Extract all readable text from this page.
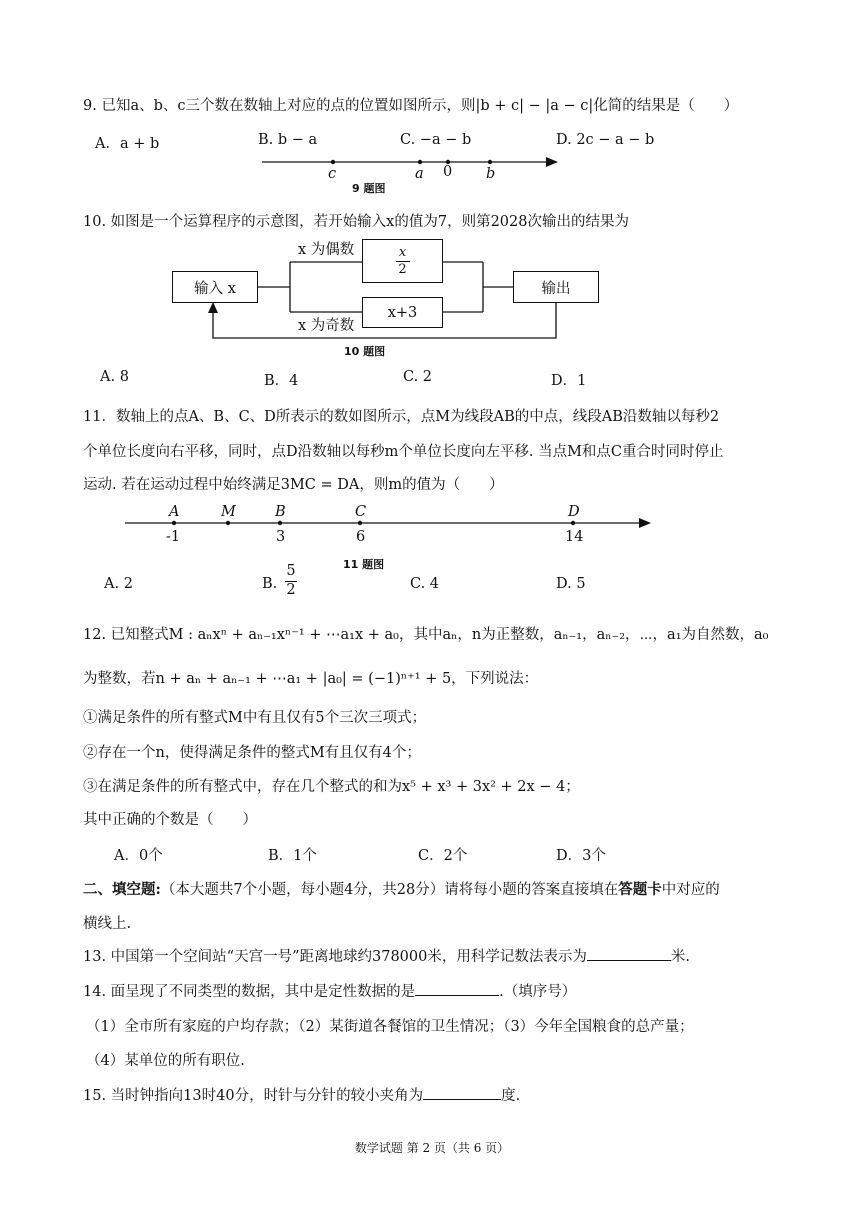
9. 已知a、b、c三个数在数轴上对应的点的位置如图所示，则|b + c| − |a − c|化简的结果是（　　）
A．a + b	B. b − a	C. −a − b	D. 2c − a − b
c	a 0 b
9 题图
10. 如图是一个运算程序的示意图，若开始输入x的值为7，则第2028次输出的结果为
输入 x
x 为偶数	x
2
x+3
x 为奇数
输出
10 题图
A. 8	B．4	C. 2	D．1
11．数轴上的点A、B、C、D所表示的数如图所示，点M为线段AB的中点，线段AB沿数轴以每秒2
个单位长度向右平移，同时，点D沿数轴以每秒m个单位长度向左平移. 当点M和点C重合时同时停止
运动. 若在运动过程中始终满足3MC = DA，则m的值为（　　）
A	M	B	C	D
-1	3	6	14
11 题图
A. 2	B.
5
2	C. 4	D. 5
12. 已知整式M : aₙxⁿ + aₙ₋₁xⁿ⁻¹ + ⋯a₁x + a₀，其中aₙ，n为正整数，aₙ₋₁，aₙ₋₂，⋯，a₁为自然数，a₀
为整数，若n + aₙ + aₙ₋₁ + ⋯a₁ + |a₀| = (−1)ⁿ⁺¹ + 5，下列说法：
①满足条件的所有整式M中有且仅有5个三次三项式；
②存在一个n，使得满足条件的整式M有且仅有4个；
③在满足条件的所有整式中，存在几个整式的和为x⁵ + x³ + 3x² + 2x − 4；
其中正确的个数是（　　）
A．0个	B．1个	C．2个	D．3个
二、填空题:（本大题共7个小题，每小题4分，共28分）请将每小题的答案直接填在答题卡中对应的
横线上.
13. 中国第一个空间站“天宫一号”距离地球约378000米，用科学记数法表示为	米.
14. 面呈现了不同类型的数据，其中是定性数据的是	.（填序号）
（1）全市所有家庭的户均存款；（2）某街道各餐馆的卫生情况；（3）今年全国粮食的总产量；
（4）某单位的所有职位.
15. 当时钟指向13时40分，时针与分针的较小夹角为	度.
数学试题 第 2 页（共 6 页）
